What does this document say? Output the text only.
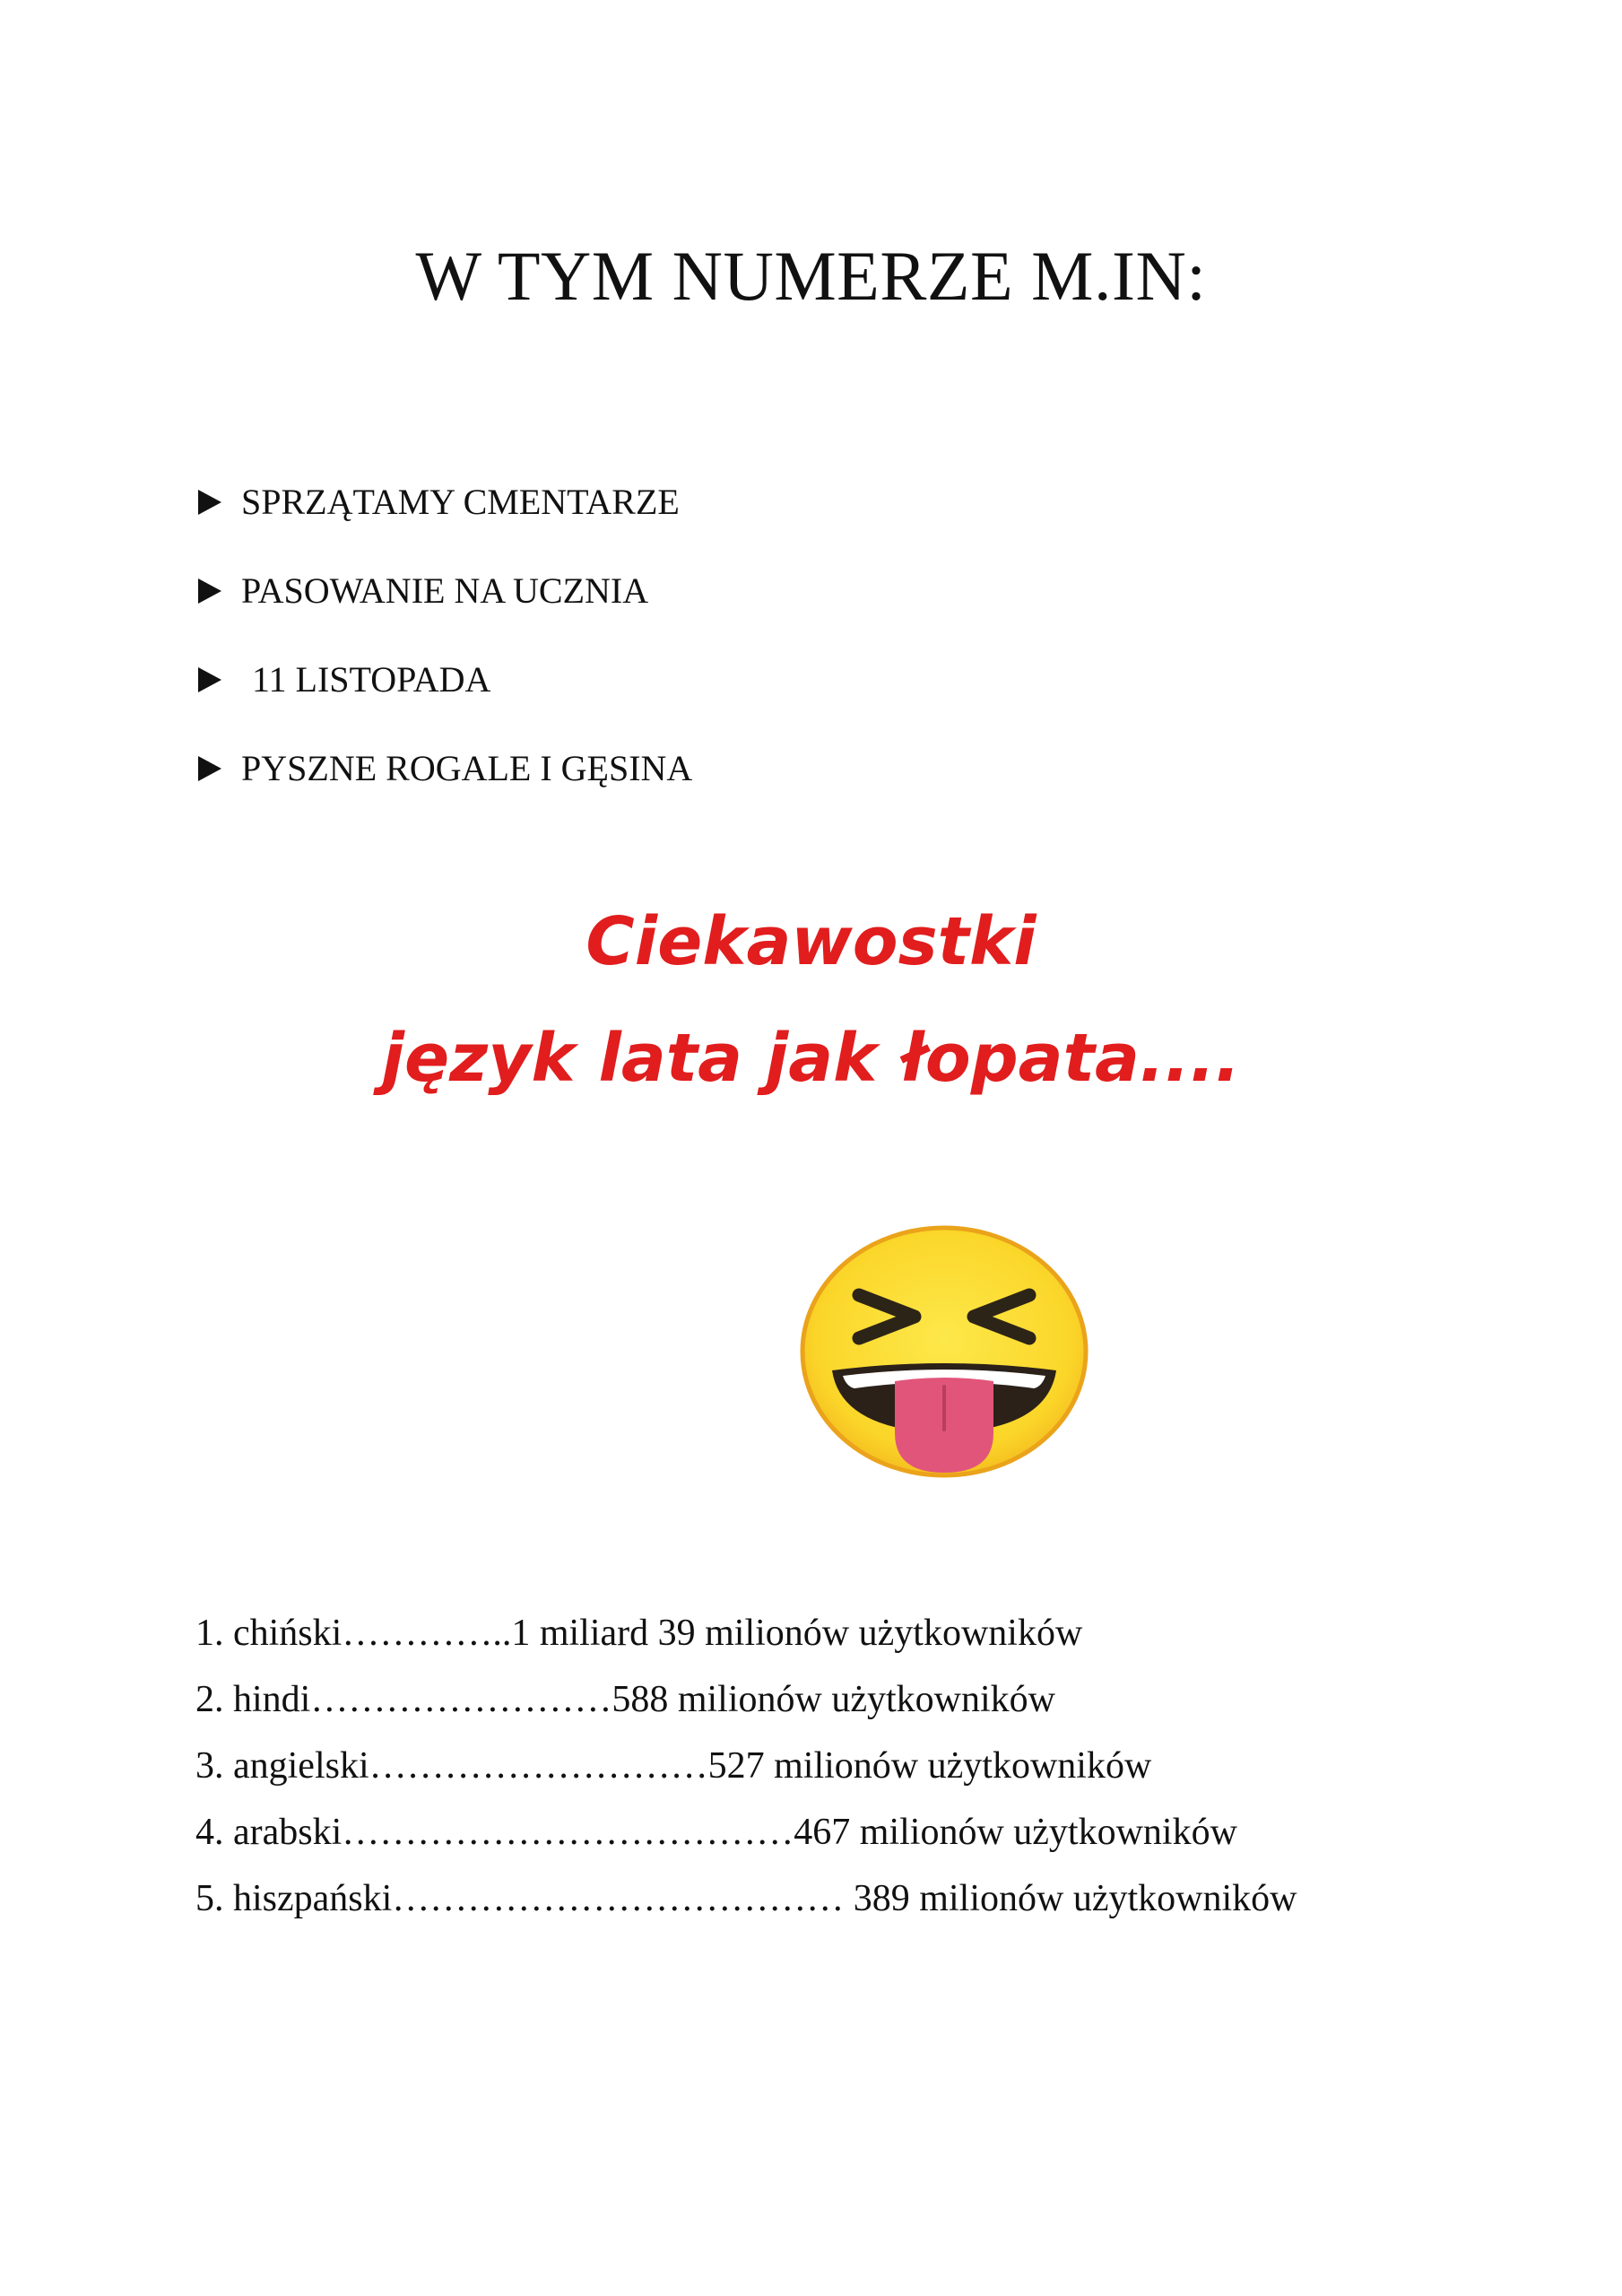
W TYM NUMERZE M.IN:
SPRZĄTAMY CMENTARZE
PASOWANIE NA UCZNIA
11 LISTOPADA
PYSZNE ROGALE I GĘSINA

Ciekawostki

język lata jak łopata....

1. chiński…………..1 miliard 39 milionów użytkowników
2. hindi……………………588 milionów użytkowników
3. angielski………………………527 milionów użytkowników
4. arabski………………………………467 milionów użytkowników
5. hiszpański……………………………… 389 milionów użytkowników
